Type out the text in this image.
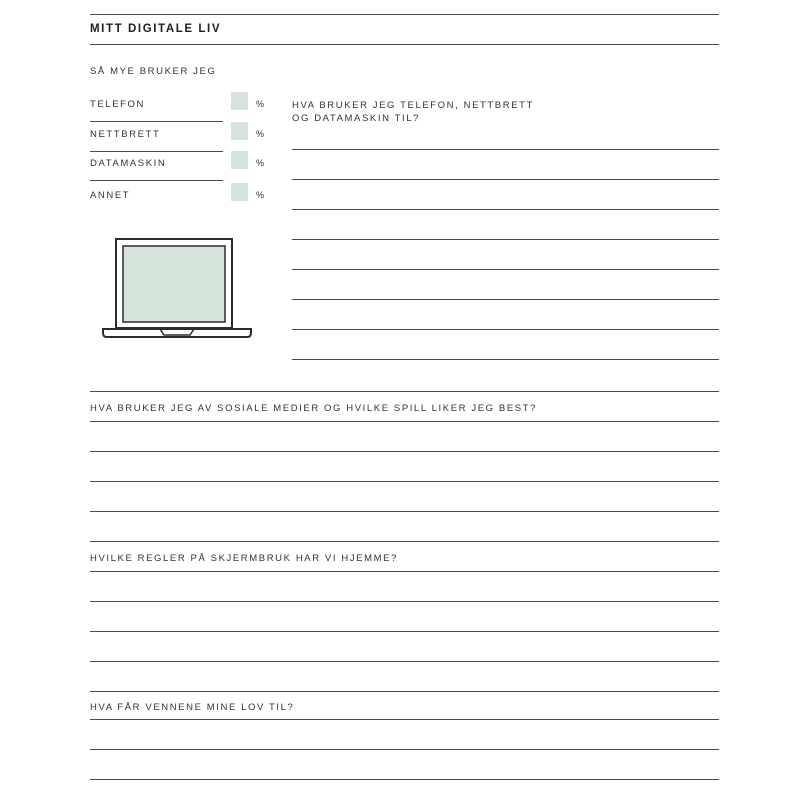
MITT DIGITALE LIV
SÅ MYE BRUKER JEG
TELEFON	%
NETTBRETT	%
DATAMASKIN	%
ANNET	%
HVA BRUKER JEG TELEFON, NETTBRETT
OG DATAMASKIN TIL?
HVA BRUKER JEG AV SOSIALE MEDIER OG HVILKE SPILL LIKER JEG BEST?
HVILKE REGLER PÅ SKJERMBRUK HAR VI HJEMME?
HVA FÅR VENNENE MINE LOV TIL?
